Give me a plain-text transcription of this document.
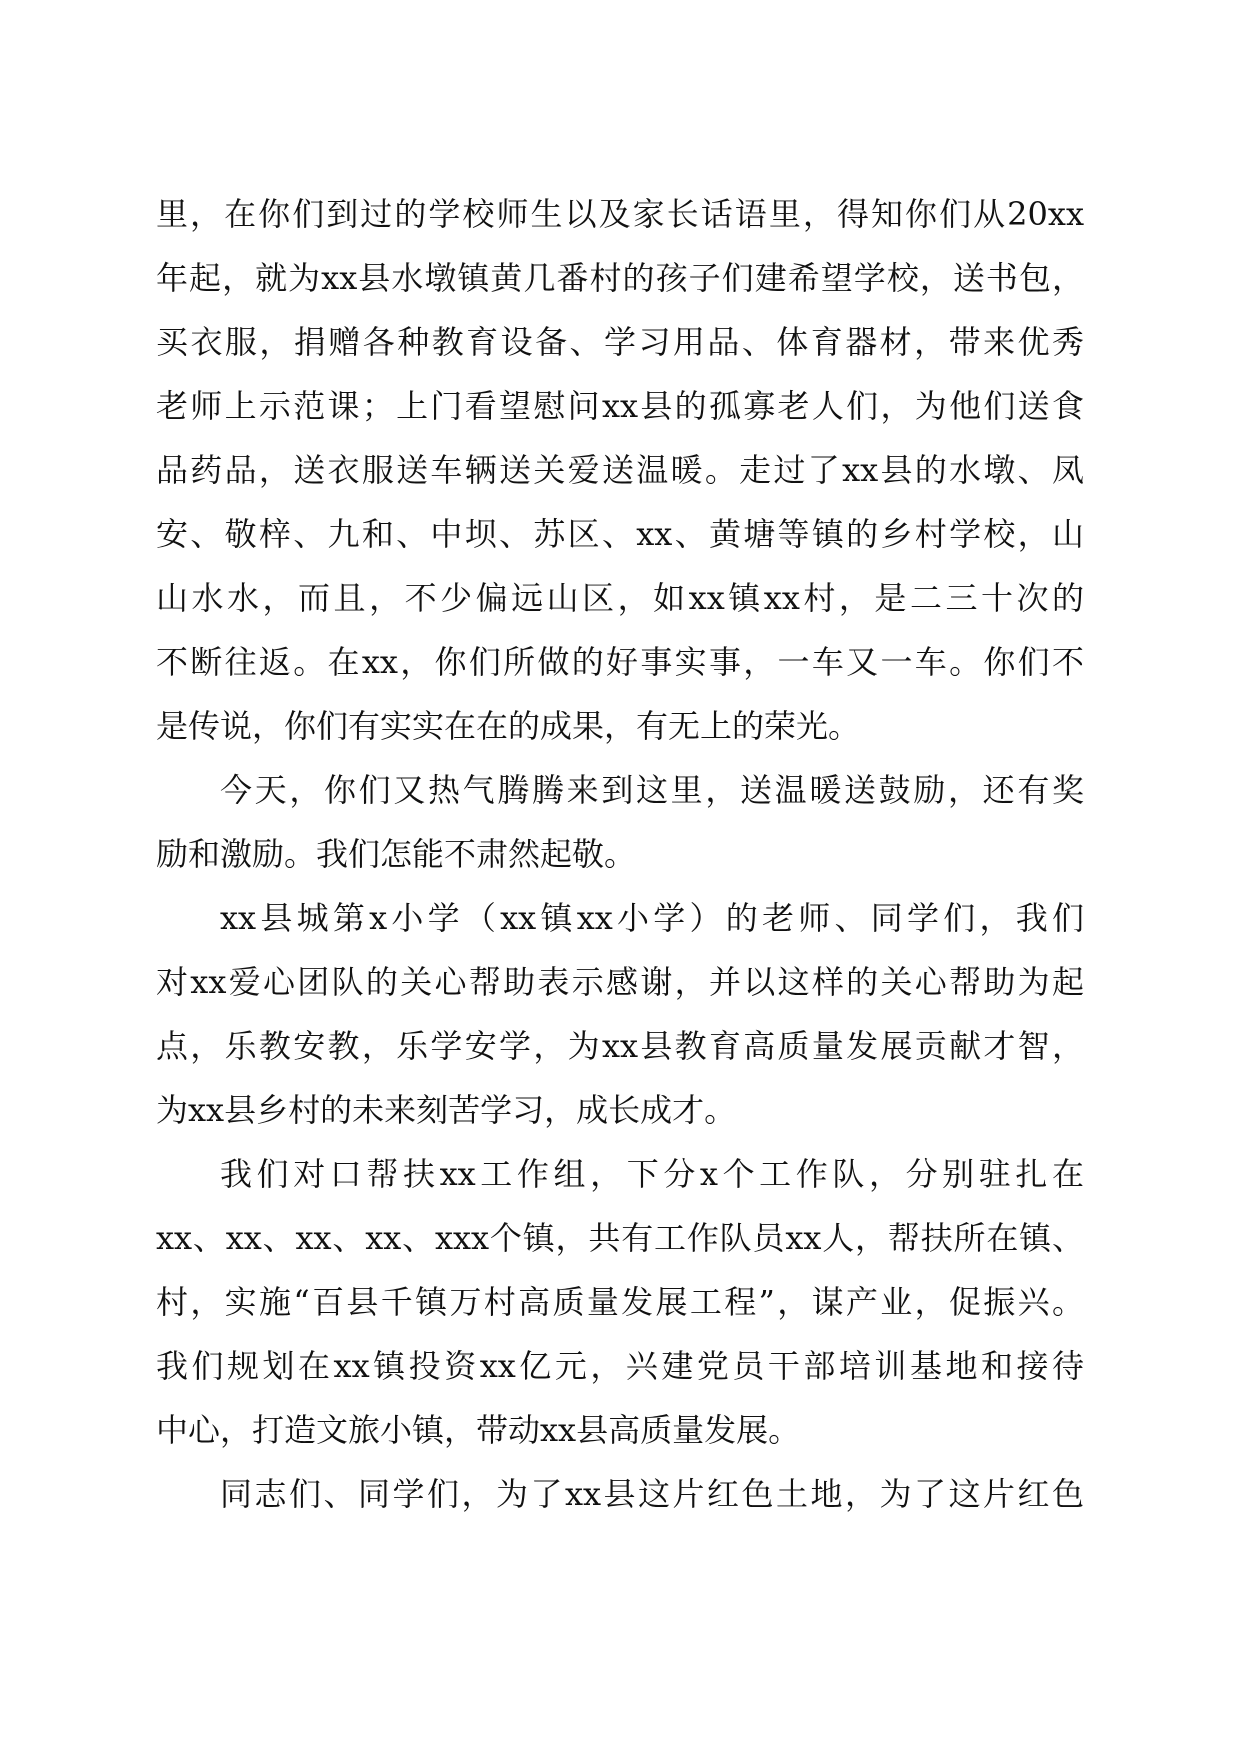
里，在你们到过的学校师生以及家长话语里，得知你们从20xx
年起，就为xx县水墩镇黄几番村的孩子们建希望学校，送书包，
买衣服，捐赠各种教育设备、学习用品、体育器材，带来优秀
老师上示范课；上门看望慰问xx县的孤寡老人们，为他们送食
品药品，送衣服送车辆送关爱送温暖。走过了xx县的水墩、凤
安、敬梓、九和、中坝、苏区、xx、黄塘等镇的乡村学校，山
山水水，而且，不少偏远山区，如xx镇xx村，是二三十次的
不断往返。在xx，你们所做的好事实事，一车又一车。你们不
是传说，你们有实实在在的成果，有无上的荣光。
今天，你们又热气腾腾来到这里，送温暖送鼓励，还有奖
励和激励。我们怎能不肃然起敬。
xx县城第x小学（xx镇xx小学）的老师、同学们，我们
对xx爱心团队的关心帮助表示感谢，并以这样的关心帮助为起
点，乐教安教，乐学安学，为xx县教育高质量发展贡献才智，
为xx县乡村的未来刻苦学习，成长成才。
我们对口帮扶xx工作组，下分x个工作队，分别驻扎在
xx、xx、xx、xx、xxx个镇，共有工作队员xx人，帮扶所在镇、
村，实施“百县千镇万村高质量发展工程”，谋产业，促振兴。
我们规划在xx镇投资xx亿元，兴建党员干部培训基地和接待
中心，打造文旅小镇，带动xx县高质量发展。
同志们、同学们，为了xx县这片红色土地，为了这片红色
